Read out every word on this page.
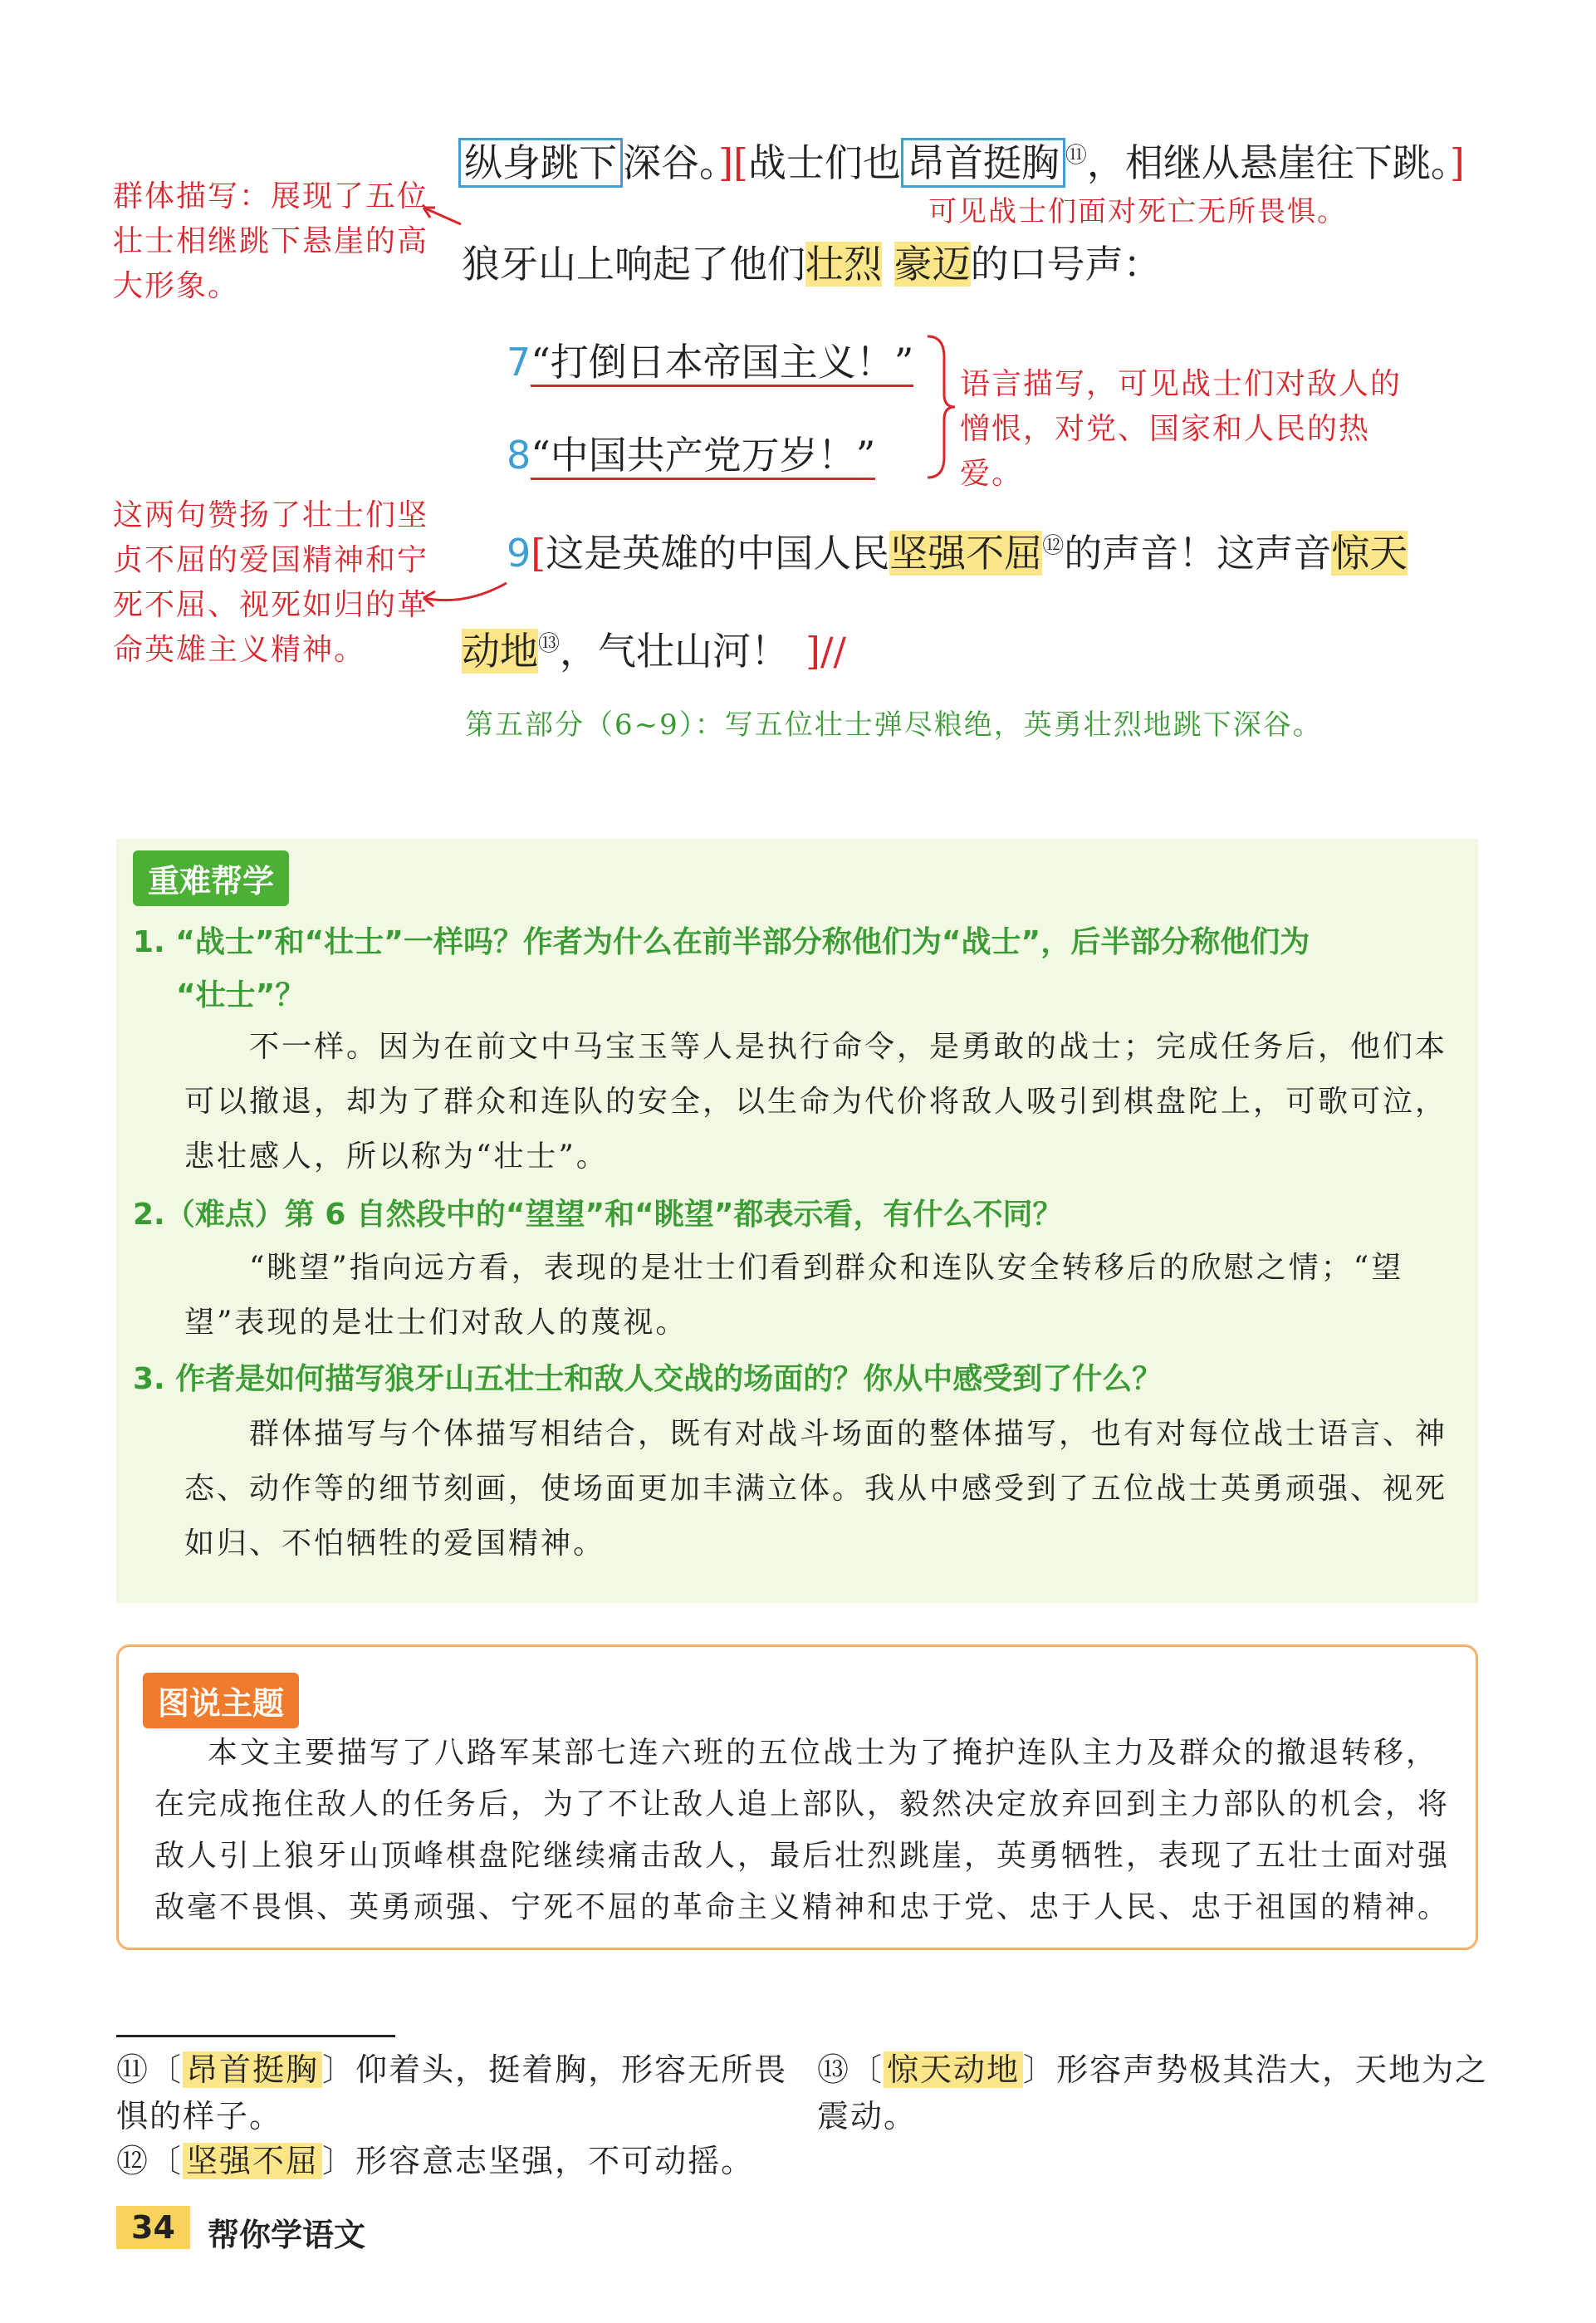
纵身跳下 深谷。][战士们也 昂首挺胸 ⑪，相继从悬崖往下跳。]
可见战士们面对死亡无所畏惧。
群体描写：展现了五位壮士相继跳下悬崖的高大形象。	狼牙山上响起了他们壮烈 豪迈的口号声：
7“打倒日本帝国主义！”
8“中国共产党万岁！”
语言描写，可见战士们对敌人的憎恨，对党、国家和人民的热爱。
9[这是英雄的中国人民坚强不屈⑫的声音！这声音惊天
动地⑬，气壮山河！ ]//
这两句赞扬了壮士们坚贞不屈的爱国精神和宁死不屈、视死如归的革命英雄主义精神。
第五部分（6~9）：写五位壮士弹尽粮绝，英勇壮烈地跳下深谷。
重难帮学
1. “战士”和“壮士”一样吗？作者为什么在前半部分称他们为“战士”，后半部分称他们为
“壮士”？
不一样。因为在前文中马宝玉等人是执行命令，是勇敢的战士；完成任务后，他们本可以撤退，却为了群众和连队的安全，以生命为代价将敌人吸引到棋盘陀上，可歌可泣，悲壮感人，所以称为“壮士”。
2.（难点）第 6 自然段中的“望望”和“眺望”都表示看，有什么不同？
“眺望”指向远方看，表现的是壮士们看到群众和连队安全转移后的欣慰之情；“望望”表现的是壮士们对敌人的蔑视。
3. 作者是如何描写狼牙山五壮士和敌人交战的场面的？你从中感受到了什么？
群体描写与个体描写相结合，既有对战斗场面的整体描写，也有对每位战士语言、神态、动作等的细节刻画，使场面更加丰满立体。我从中感受到了五位战士英勇顽强、视死如归、不怕牺牲的爱国精神。
图说主题
本文主要描写了八路军某部七连六班的五位战士为了掩护连队主力及群众的撤退转移，在完成拖住敌人的任务后，为了不让敌人追上部队，毅然决定放弃回到主力部队的机会，将敌人引上狼牙山顶峰棋盘陀继续痛击敌人，最后壮烈跳崖，英勇牺牲，表现了五壮士面对强敌毫不畏惧、英勇顽强、宁死不屈的革命主义精神和忠于党、忠于人民、忠于祖国的精神。
⑪〔 昂首挺胸 〕仰着头，挺着胸，形容无所畏惧的样子。
⑫〔 坚强不屈 〕形容意志坚强，不可动摇。
⑬〔 惊天动地 〕形容声势极其浩大，天地为之震动。
34	帮你学语文
